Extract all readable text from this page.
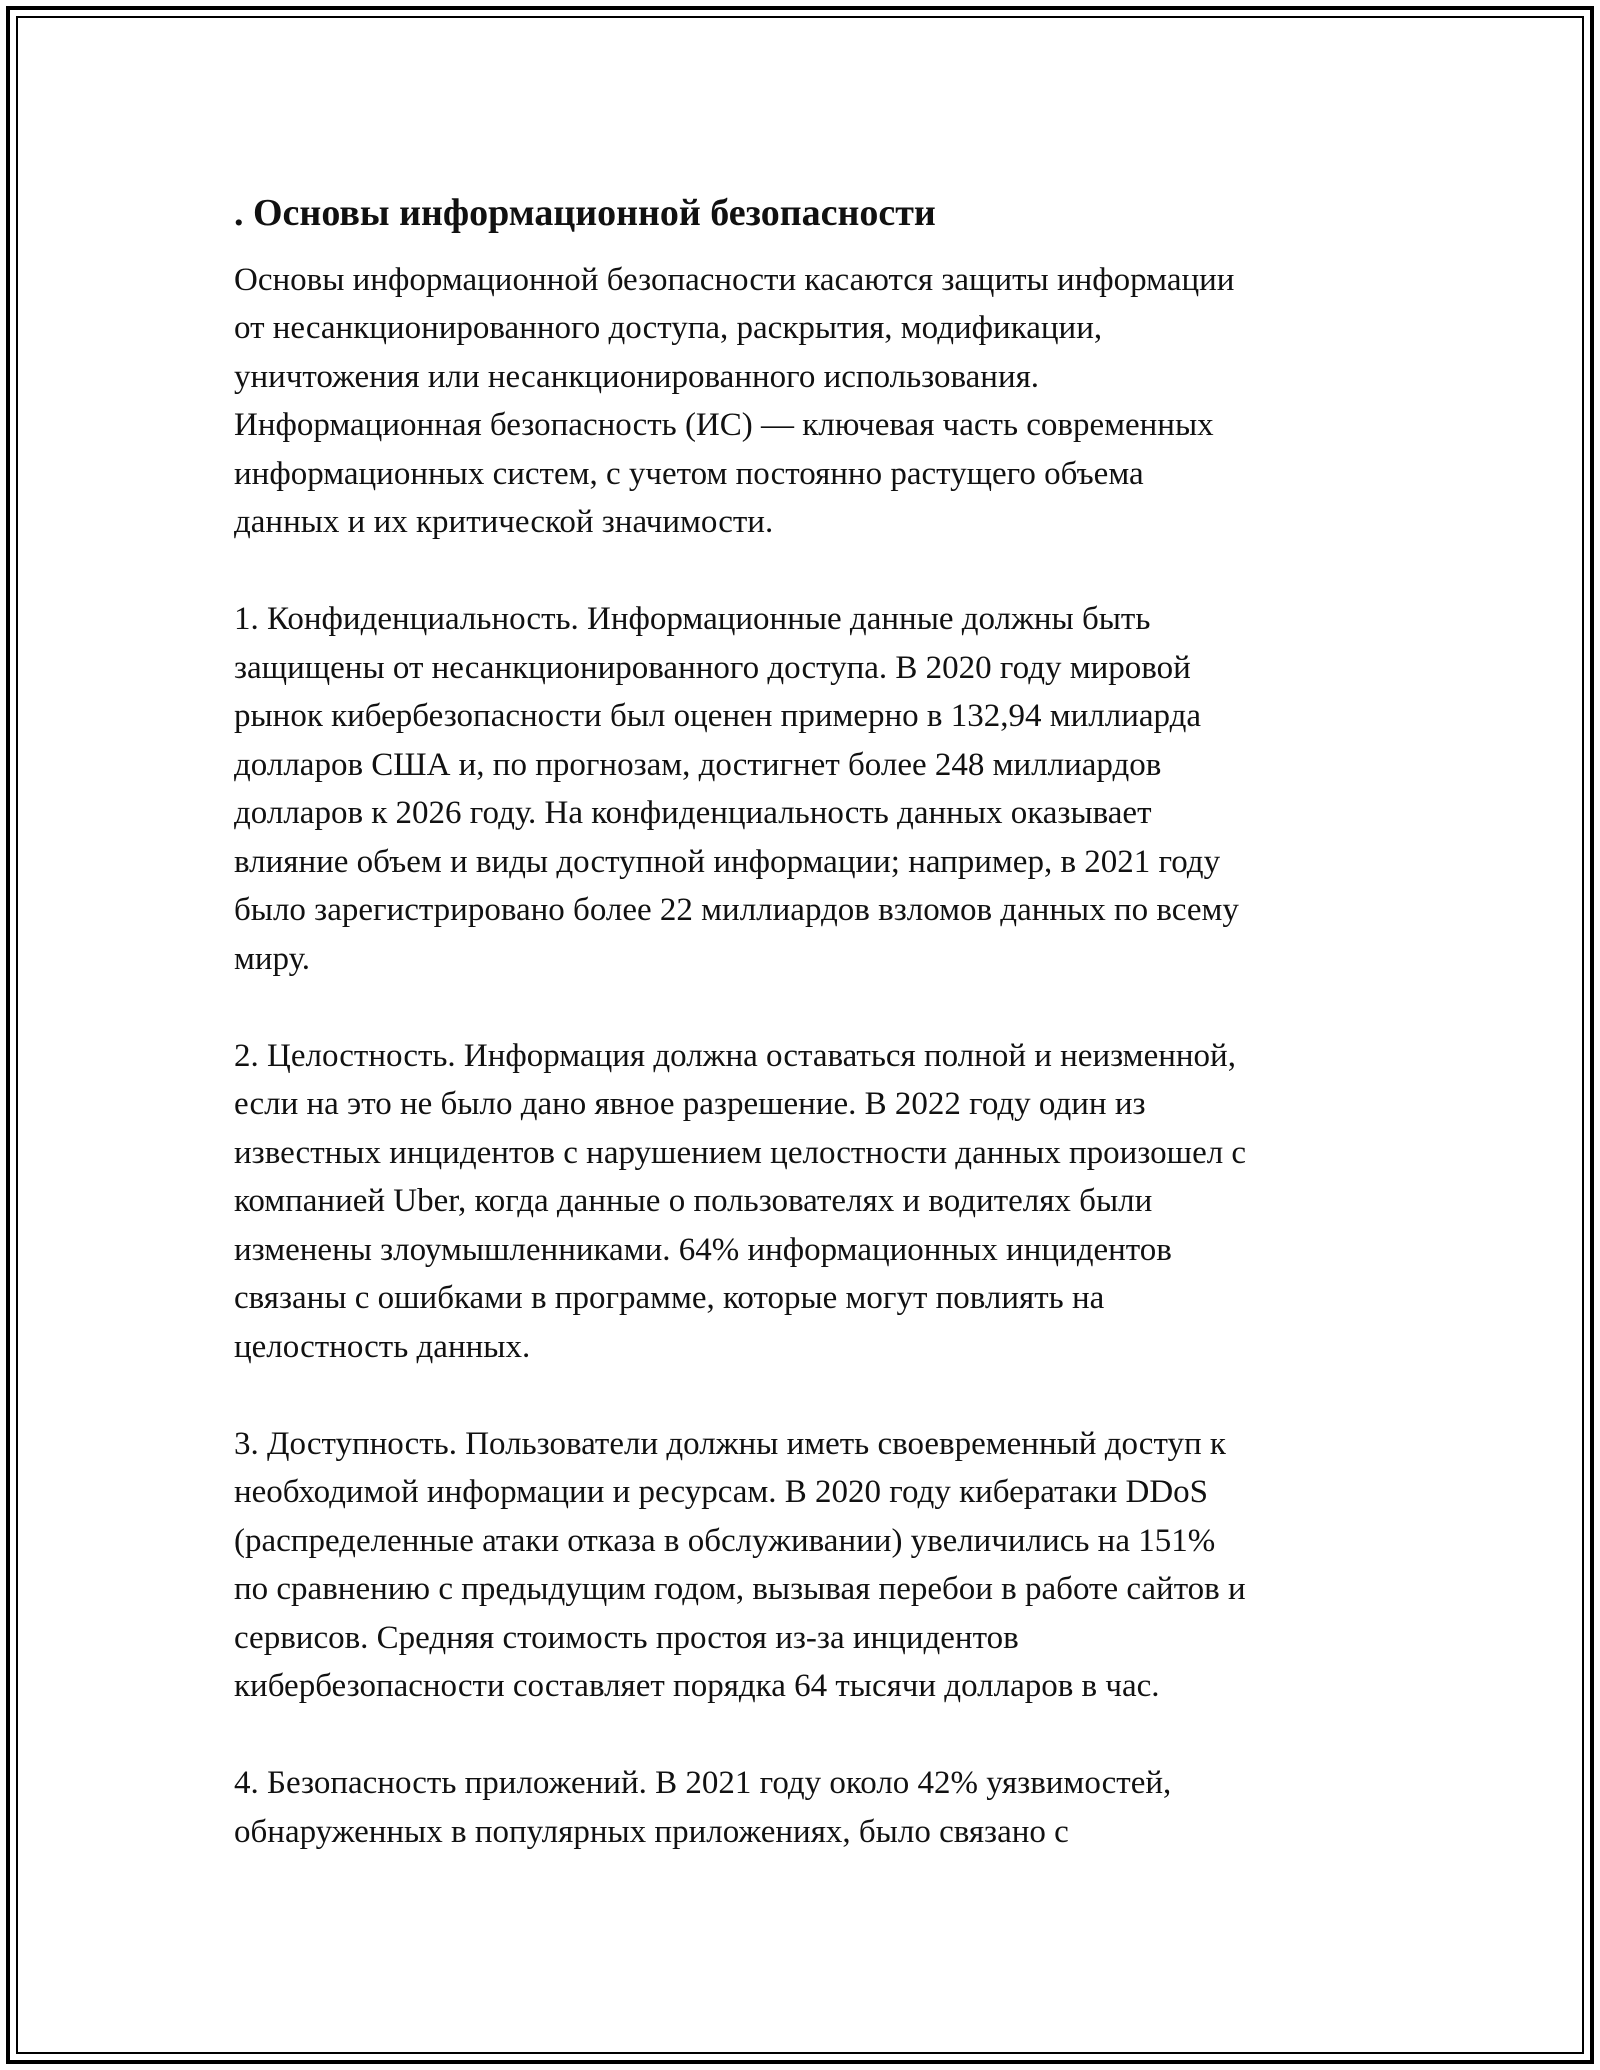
. Основы информационной безопасности

Основы информационной безопасности касаются защиты информации
от несанкционированного доступа, раскрытия, модификации,
уничтожения или несанкционированного использования.
Информационная безопасность (ИС) — ключевая часть современных
информационных систем, с учетом постоянно растущего объема
данных и их критической значимости.

1. Конфиденциальность. Информационные данные должны быть
защищены от несанкционированного доступа. В 2020 году мировой
рынок кибербезопасности был оценен примерно в 132,94 миллиарда
долларов США и, по прогнозам, достигнет более 248 миллиардов
долларов к 2026 году. На конфиденциальность данных оказывает
влияние объем и виды доступной информации; например, в 2021 году
было зарегистрировано более 22 миллиардов взломов данных по всему
миру.

2. Целостность. Информация должна оставаться полной и неизменной,
если на это не было дано явное разрешение. В 2022 году один из
известных инцидентов с нарушением целостности данных произошел с
компанией Uber, когда данные о пользователях и водителях были
изменены злоумышленниками. 64% информационных инцидентов
связаны с ошибками в программе, которые могут повлиять на
целостность данных.

3. Доступность. Пользователи должны иметь своевременный доступ к
необходимой информации и ресурсам. В 2020 году кибератаки DDoS
(распределенные атаки отказа в обслуживании) увеличились на 151%
по сравнению с предыдущим годом, вызывая перебои в работе сайтов и
сервисов. Средняя стоимость простоя из-за инцидентов
кибербезопасности составляет порядка 64 тысячи долларов в час.

4. Безопасность приложений. В 2021 году около 42% уязвимостей,
обнаруженных в популярных приложениях, было связано с
